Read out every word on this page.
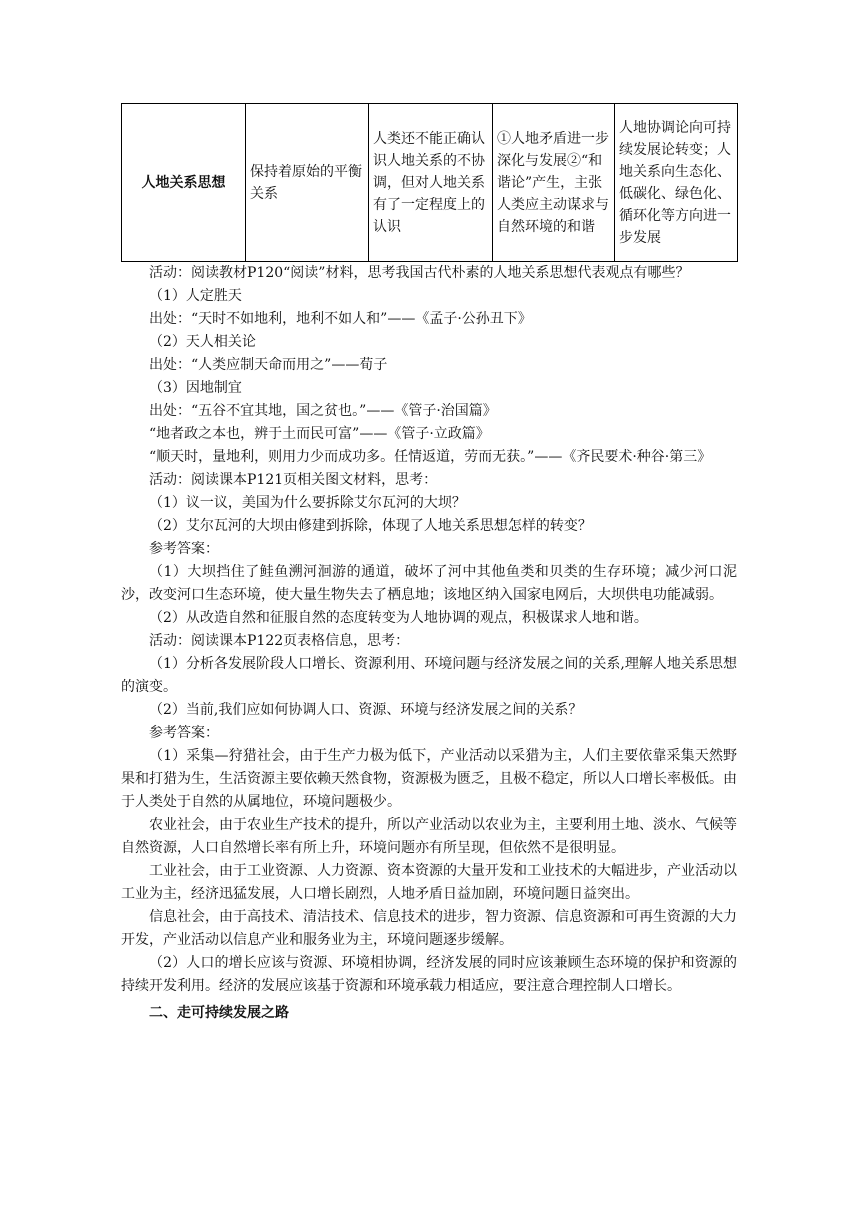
人地关系思想	保持着原始的平衡关系	人类还不能正确认识人地关系的不协调，但对人地关系有了一定程度上的认识	①人地矛盾进一步深化与发展②“和谐论”产生，主张人类应主动谋求与自然环境的和谐	人地协调论向可持续发展论转变；人地关系向生态化、低碳化、绿色化、循环化等方向进一步发展

活动：阅读教材P120“阅读”材料，思考我国古代朴素的人地关系思想代表观点有哪些？

（1）人定胜天

出处：“天时不如地利，地利不如人和”——《孟子·公孙丑下》

（2）天人相关论

出处：“人类应制天命而用之”——荀子

（3）因地制宜

出处：“五谷不宜其地，国之贫也。”——《管子·治国篇》

“地者政之本也，辨于土而民可富”——《管子·立政篇》

“顺天时，量地利，则用力少而成功多。任情返道，劳而无获。”——《齐民要术·种谷·第三》

活动：阅读课本P121页相关图文材料，思考：

（1）议一议，美国为什么要拆除艾尔瓦河的大坝？

（2）艾尔瓦河的大坝由修建到拆除，体现了人地关系思想怎样的转变？

参考答案：

（1）大坝挡住了鲑鱼溯河洄游的通道，破坏了河中其他鱼类和贝类的生存环境；减少河口泥沙，改变河口生态环境，使大量生物失去了栖息地；该地区纳入国家电网后，大坝供电功能减弱。

（2）从改造自然和征服自然的态度转变为人地协调的观点，积极谋求人地和谐。

活动：阅读课本P122页表格信息，思考：

（1）分析各发展阶段人口增长、资源利用、环境问题与经济发展之间的关系,理解人地关系思想的演变。

（2）当前,我们应如何协调人口、资源、环境与经济发展之间的关系？

参考答案：

（1）采集—狩猎社会，由于生产力极为低下，产业活动以采猎为主，人们主要依靠采集天然野果和打猎为生，生活资源主要依赖天然食物，资源极为匮乏，且极不稳定，所以人口增长率极低。由于人类处于自然的从属地位，环境问题极少。

农业社会，由于农业生产技术的提升，所以产业活动以农业为主，主要利用土地、淡水、气候等自然资源，人口自然增长率有所上升，环境问题亦有所呈现，但依然不是很明显。

工业社会，由于工业资源、人力资源、资本资源的大量开发和工业技术的大幅进步，产业活动以工业为主，经济迅猛发展，人口增长剧烈，人地矛盾日益加剧，环境问题日益突出。

信息社会，由于高技术、清洁技术、信息技术的进步，智力资源、信息资源和可再生资源的大力开发，产业活动以信息产业和服务业为主，环境问题逐步缓解。

（2）人口的增长应该与资源、环境相协调，经济发展的同时应该兼顾生态环境的保护和资源的持续开发利用。经济的发展应该基于资源和环境承载力相适应，要注意合理控制人口增长。

二、走可持续发展之路
